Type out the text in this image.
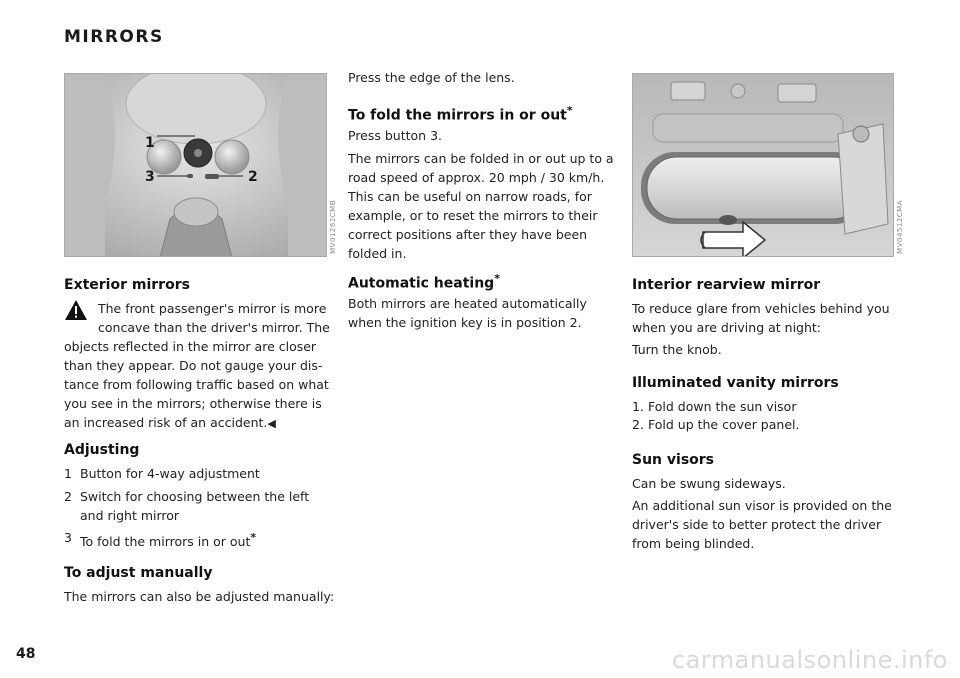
MIRRORS
1
2
3
MV01262CMB
Exterior mirrors
The front passenger's mirror is more concave than the driver's mirror. The objects reflected in the mirror are closer than they appear. Do not gauge your dis-tance from following traffic based on what you see in the mirrors; otherwise there is an increased risk of an accident.◀
Adjusting
1 Button for 4-way adjustment
2 Switch for choosing between the left and right mirror
3 To fold the mirrors in or out*
To adjust manually

The mirrors can also be adjusted manually:

Press the edge of the lens.

To fold the mirrors in or out*

Press button 3.

The mirrors can be folded in or out up to a road speed of approx. 20 mph / 30 km/h. This can be useful on narrow roads, for example, or to reset the mirrors to their correct positions after they have been folded in.

Automatic heating*

Both mirrors are heated automatically when the ignition key is in position 2.

MV04512CMA
Interior rearview mirror

To reduce glare from vehicles behind you when you are driving at night:

Turn the knob.

Illuminated vanity mirrors
1. Fold down the sun visor
2. Fold up the cover panel.
Sun visors

Can be swung sideways.

An additional sun visor is provided on the driver's side to better protect the driver from being blinded.

48	carmanualsonline.info
